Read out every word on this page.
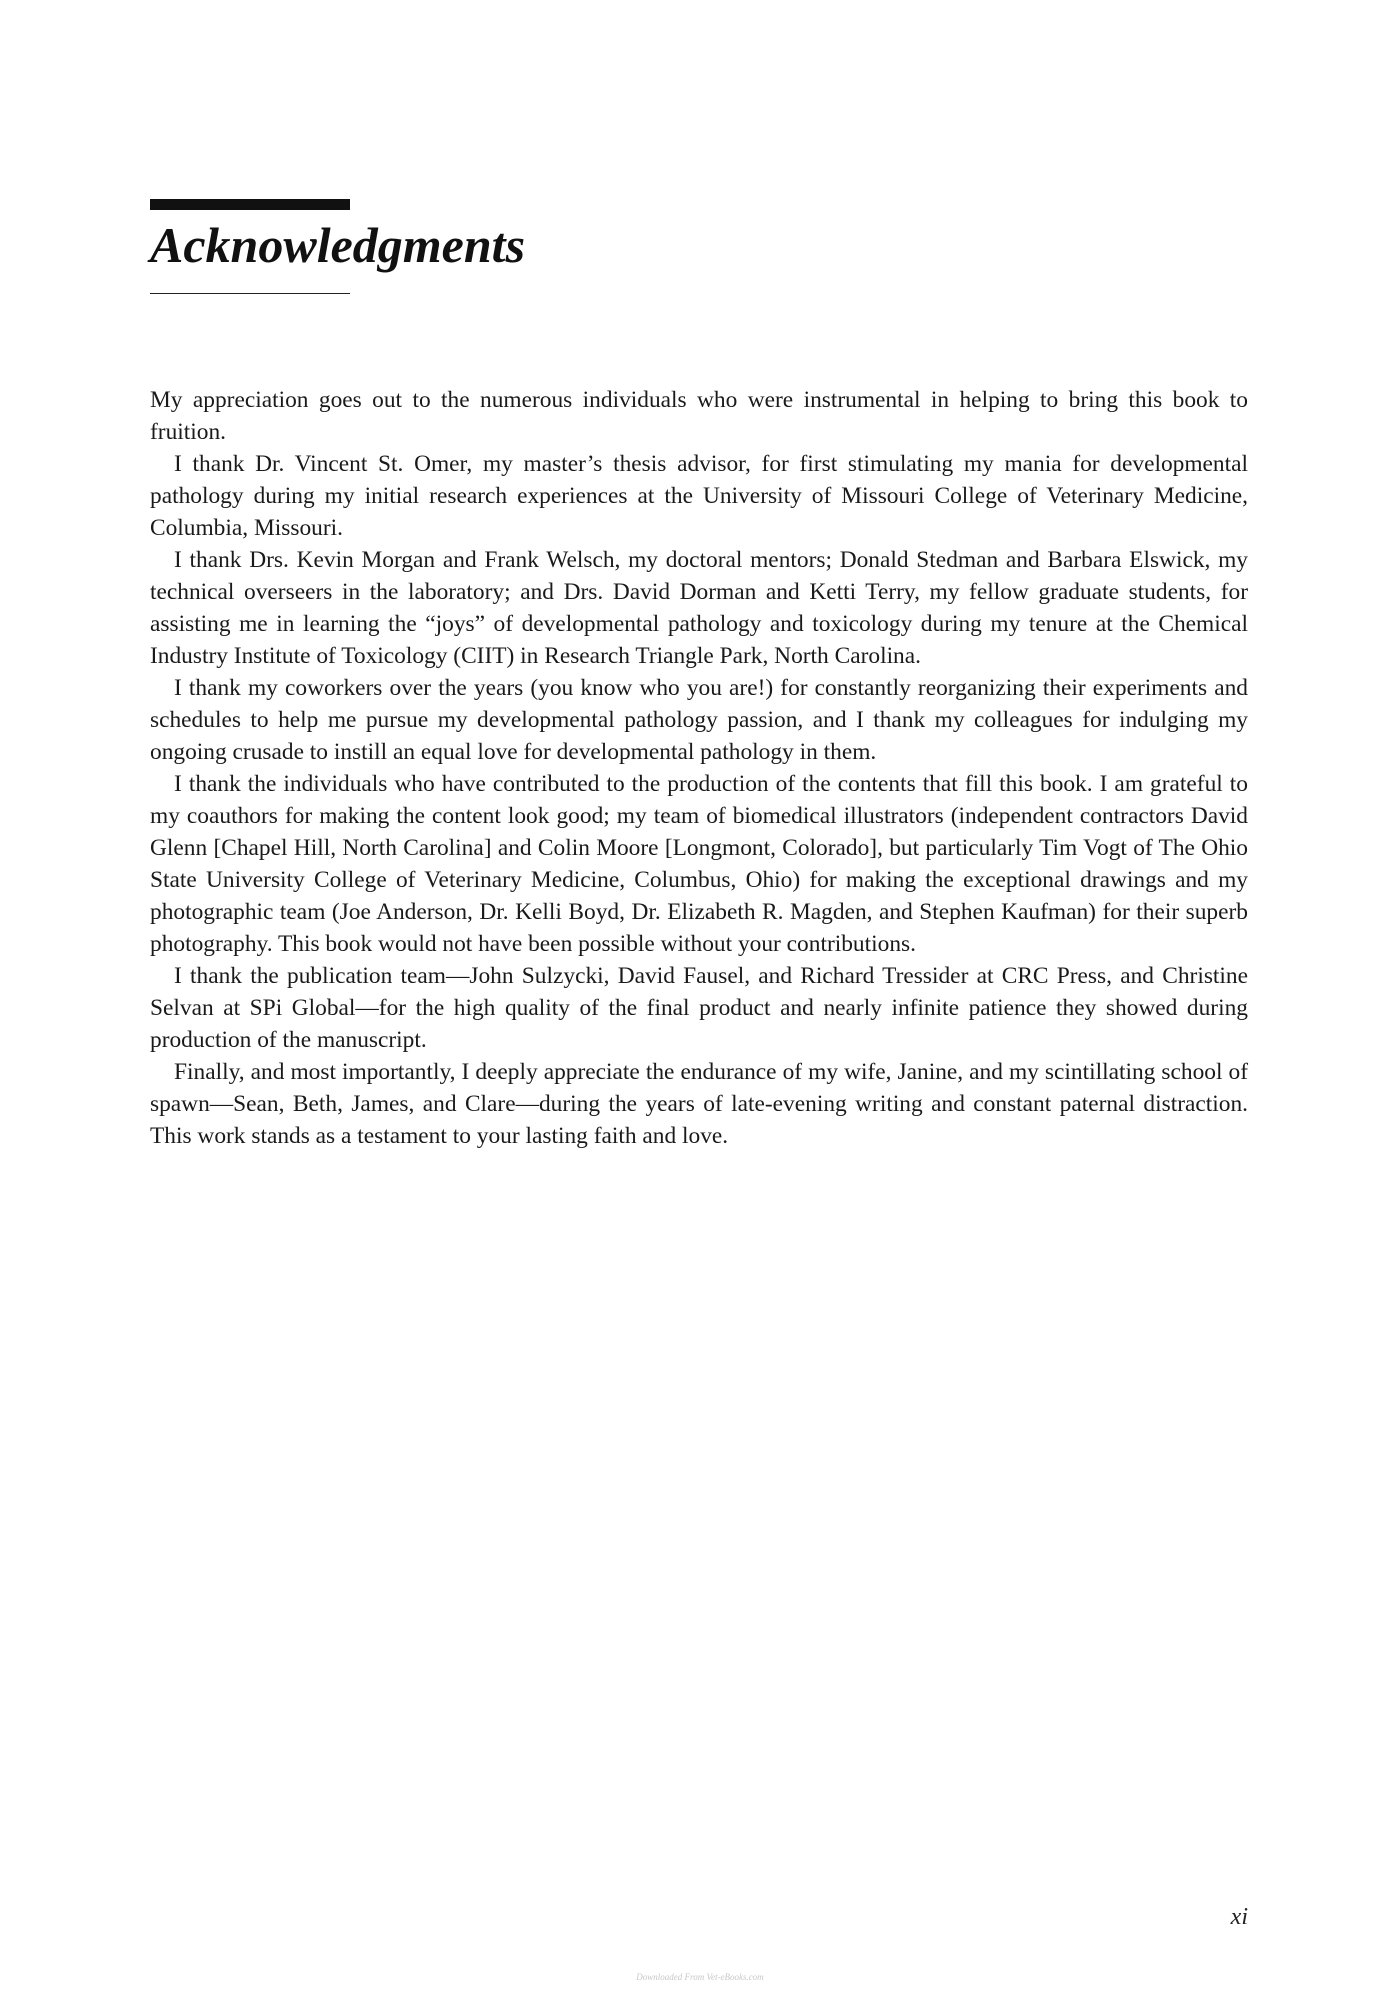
Acknowledgments

My appreciation goes out to the numerous individuals who were instrumental in helping to bring this book to fruition.

I thank Dr. Vincent St. Omer, my master’s thesis advisor, for first stimulating my mania for developmental pathology during my initial research experiences at the University of Missouri College of Veterinary Medicine, Columbia, Missouri.

I thank Drs. Kevin Morgan and Frank Welsch, my doctoral mentors; Donald Stedman and Barbara Elswick, my technical overseers in the laboratory; and Drs. David Dorman and Ketti Terry, my fellow graduate students, for assisting me in learning the “joys” of developmental pathology and toxicology during my tenure at the Chemical Industry Institute of Toxicology (CIIT) in Research Triangle Park, North Carolina.

I thank my coworkers over the years (you know who you are!) for constantly reorganizing their experiments and schedules to help me pursue my developmental pathology passion, and I thank my colleagues for indulging my ongoing crusade to instill an equal love for developmental pathology in them.

I thank the individuals who have contributed to the production of the contents that fill this book. I am grateful to my coauthors for making the content look good; my team of biomedical illustrators (independent contractors David Glenn [Chapel Hill, North Carolina] and Colin Moore [Longmont, Colorado], but particularly Tim Vogt of The Ohio State University College of Veterinary Medicine, Columbus, Ohio) for making the exceptional drawings and my photographic team (Joe Anderson, Dr. Kelli Boyd, Dr. Elizabeth R. Magden, and Stephen Kaufman) for their superb photography. This book would not have been possible without your contributions.

I thank the publication team—John Sulzycki, David Fausel, and Richard Tressider at CRC Press, and Christine Selvan at SPi Global—for the high quality of the final product and nearly infinite patience they showed during production of the manuscript.

Finally, and most importantly, I deeply appreciate the endurance of my wife, Janine, and my scintillating school of spawn—Sean, Beth, James, and Clare—during the years of late-evening writing and constant paternal distraction. This work stands as a testament to your lasting faith and love.

xi

Downloaded From Vet-eBooks.com
